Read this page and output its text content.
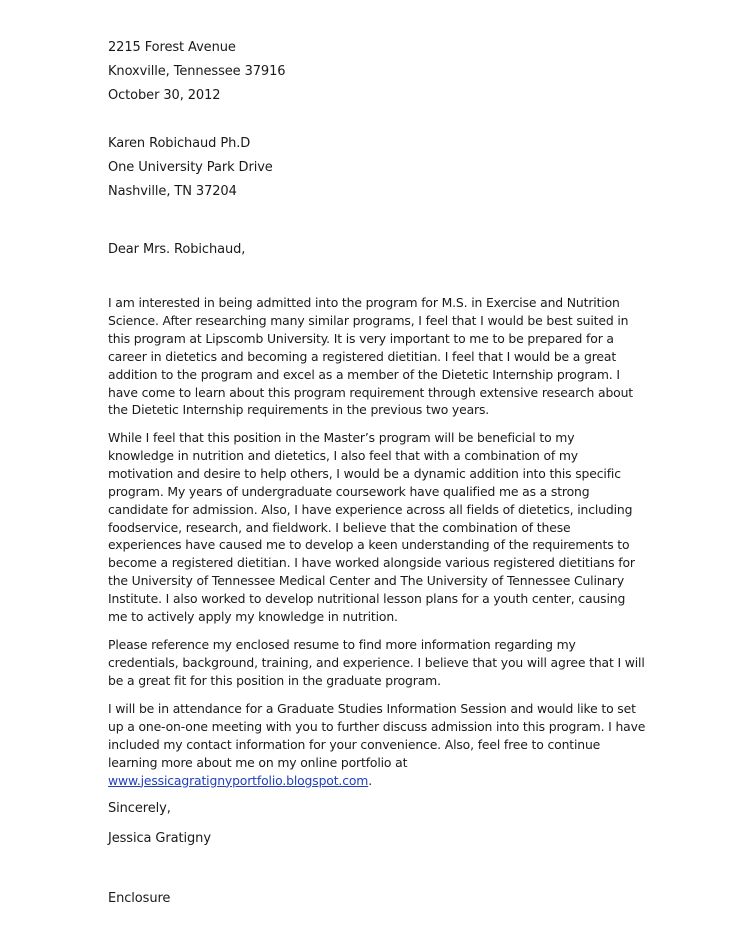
2215 Forest Avenue
Knoxville, Tennessee 37916
October 30, 2012
Karen Robichaud Ph.D
One University Park Drive
Nashville, TN 37204
Dear Mrs. Robichaud,
I am interested in being admitted into the program for M.S. in Exercise and Nutrition
Science. After researching many similar programs, I feel that I would be best suited in
this program at Lipscomb University. It is very important to me to be prepared for a
career in dietetics and becoming a registered dietitian. I feel that I would be a great
addition to the program and excel as a member of the Dietetic Internship program. I
have come to learn about this program requirement through extensive research about
the Dietetic Internship requirements in the previous two years.
While I feel that this position in the Master’s program will be beneficial to my
knowledge in nutrition and dietetics, I also feel that with a combination of my
motivation and desire to help others, I would be a dynamic addition into this specific
program. My years of undergraduate coursework have qualified me as a strong
candidate for admission. Also, I have experience across all fields of dietetics, including
foodservice, research, and fieldwork. I believe that the combination of these
experiences have caused me to develop a keen understanding of the requirements to
become a registered dietitian. I have worked alongside various registered dietitians for
the University of Tennessee Medical Center and The University of Tennessee Culinary
Institute. I also worked to develop nutritional lesson plans for a youth center, causing
me to actively apply my knowledge in nutrition.
Please reference my enclosed resume to find more information regarding my
credentials, background, training, and experience. I believe that you will agree that I will
be a great fit for this position in the graduate program.
I will be in attendance for a Graduate Studies Information Session and would like to set
up a one-on-one meeting with you to further discuss admission into this program. I have
included my contact information for your convenience. Also, feel free to continue
learning more about me on my online portfolio at
www.jessicagratignyportfolio.blogspot.com.
Sincerely,
Jessica Gratigny
Enclosure
